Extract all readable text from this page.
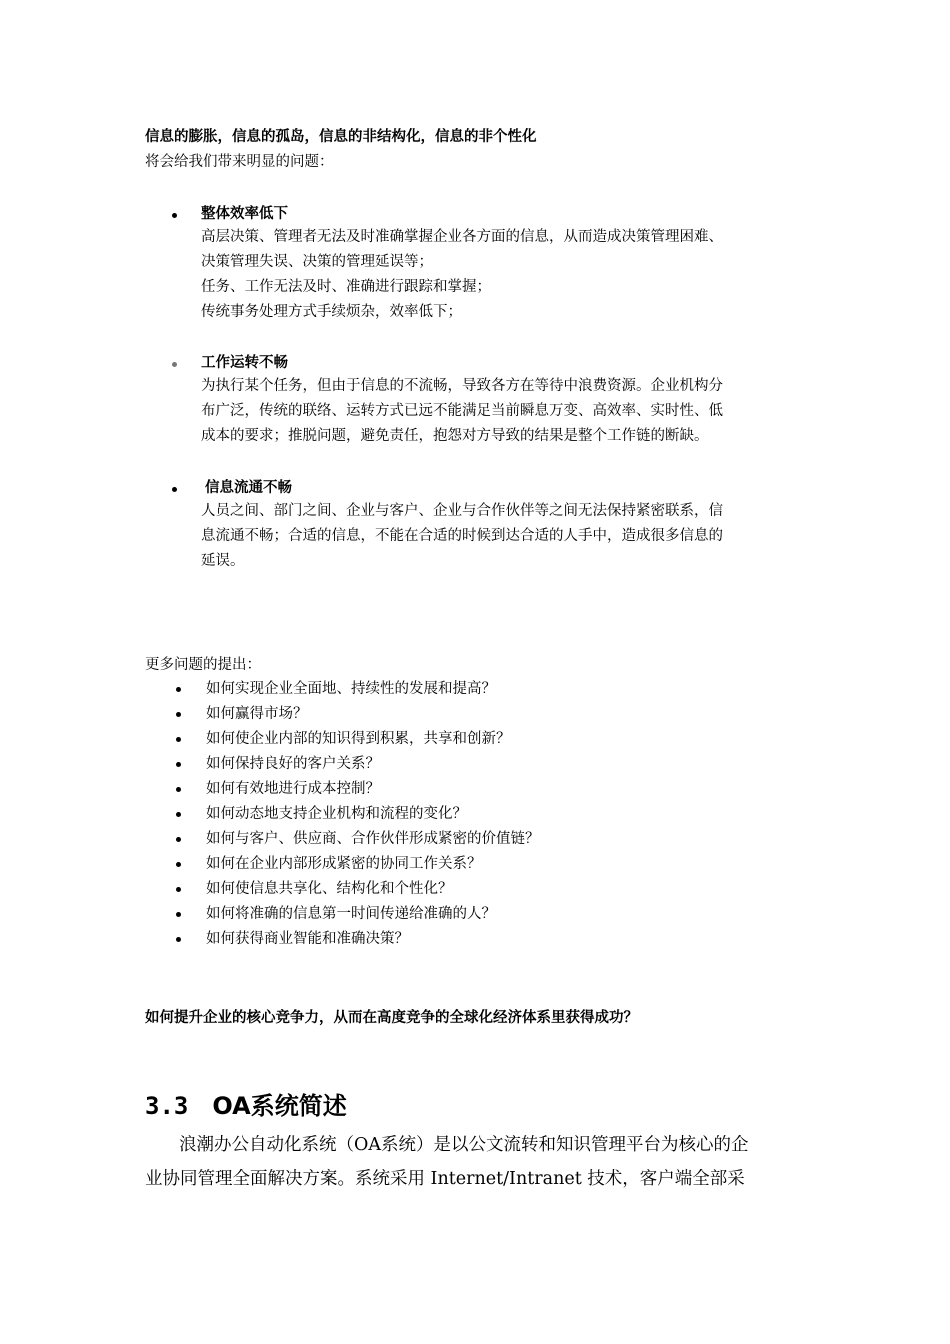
信息的膨胀，信息的孤岛，信息的非结构化，信息的非个性化
将会给我们带来明显的问题：
整体效率低下
高层决策、管理者无法及时准确掌握企业各方面的信息，从而造成决策管理困难、
决策管理失误、决策的管理延误等；
任务、工作无法及时、准确进行跟踪和掌握；
传统事务处理方式手续烦杂，效率低下；
工作运转不畅
为执行某个任务，但由于信息的不流畅，导致各方在等待中浪费资源。企业机构分
布广泛，传统的联络、运转方式已远不能满足当前瞬息万变、高效率、实时性、低
成本的要求；推脱问题，避免责任，抱怨对方导致的结果是整个工作链的断缺。
信息流通不畅
人员之间、部门之间、企业与客户、企业与合作伙伴等之间无法保持紧密联系，信
息流通不畅；合适的信息，不能在合适的时候到达合适的人手中，造成很多信息的
延误。
更多问题的提出：
如何实现企业全面地、持续性的发展和提高？
如何赢得市场？
如何使企业内部的知识得到积累，共享和创新？
如何保持良好的客户关系？
如何有效地进行成本控制？
如何动态地支持企业机构和流程的变化？
如何与客户、供应商、合作伙伴形成紧密的价值链？
如何在企业内部形成紧密的协同工作关系？
如何使信息共享化、结构化和个性化？
如何将准确的信息第一时间传递给准确的人？
如何获得商业智能和准确决策？
如何提升企业的核心竞争力，从而在高度竞争的全球化经济体系里获得成功？
3.3 OA系统简述
浪潮办公自动化系统（OA系统）是以公文流转和知识管理平台为核心的企
业协同管理全面解决方案。系统采用 Internet/Intranet 技术，客户端全部采
